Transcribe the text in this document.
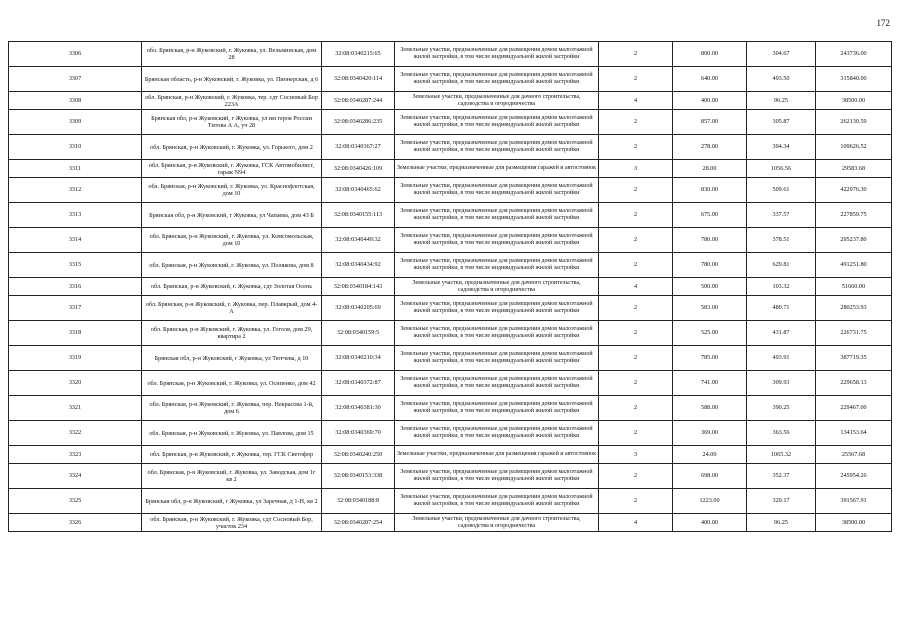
172
3306	обл. Брянская, р-н Жуковский, г. Жуковка, ул. Вельминская, дом 28	32:08:0340215:65	Земельные участки, предназначенные для размещения домов малоэтажной жилой застройки, в том числе индивидуальной жилой застройки	2	800.00	304.67	243736.00
3307	Брянская область, р-н Жуковский, г. Жуковка, ул. Пионерская, д 6	32:08:0340420:114	Земельные участки, предназначенные для размещения домов малоэтажной жилой застройки, в том числе индивидуальной жилой застройки	2	640.00	493.50	315840.00
3308	обл. Брянская, р-н Жуковский, г. Жуковка, тер. сдт Сосновый Бор 223А	32:08:0340287:244	Земельные участки, предназначенные для дачного строительства, садоводства и огородничества	4	400.00	96.25	38500.00
3309	Брянская обл, р-н Жуковский, г Жуковка, ул им героя России Титова А А, уч 28	32:08:0340286:235	Земельные участки, предназначенные для размещения домов малоэтажной жилой застройки, в том числе индивидуальной жилой застройки	2	857.00	305.87	262130.59
3310	обл. Брянская, р-н Жуковский, г. Жуковка, ул. Горького, дом 2	32:08:0340367:27	Земельные участки, предназначенные для размещения домов малоэтажной жилой застройки, в том числе индивидуальной жилой застройки	2	278.00	394.34	109626.52
3311	обл. Брянская, р-н Жуковский, г. Жуковка, ГСК Автомобилист, гараж N94	32:08:0340426:109	Земельные участки, предназначенные для размещения гаражей и автостоянок	3	28.00	1056.56	29583.68
3312	обл. Брянская, р-н Жуковский, г. Жуковка, ул. Краснофлотская, дом 10	32:08:0340465:62	Земельные участки, предназначенные для размещения домов малоэтажной жилой застройки, в том числе индивидуальной жилой застройки	2	830.00	509.61	422976.30
3313	Брянская обл, р-н Жуковский, г Жуковка, ул Чапаева, дом 43 Б	32:08:0340155:113	Земельные участки, предназначенные для размещения домов малоэтажной жилой застройки, в том числе индивидуальной жилой застройки	2	675.00	337.57	227859.75
3314	обл. Брянская, р-н Жуковский, г. Жуковка, ул. Комсомольская, дом 10	32:08:0340449:32	Земельные участки, предназначенные для размещения домов малоэтажной жилой застройки, в том числе индивидуальной жилой застройки	2	780.00	378.51	295237.80
3315	обл. Брянская, р-н Жуковский, г. Жуковка, ул. Полякова, дом 8	32:08:0340434:92	Земельные участки, предназначенные для размещения домов малоэтажной жилой застройки, в том числе индивидуальной жилой застройки	2	780.00	629.81	491251.80
3316	обл. Брянская, р-н Жуковский, г. Жуковка, сдт Золотая Осень	32:08:0340184:143	Земельные участки, предназначенные для дачного строительства, садоводства и огородничества	4	500.00	103.32	51660.00
3317	обл. Брянская, р-н Жуковский, г. Жуковка, пер. Плавкрый, дом 4-А	32:08:0340205:69	Земельные участки, предназначенные для размещения домов малоэтажной жилой застройки, в том числе индивидуальной жилой застройки	2	583.00	480.71	280253.93
3318	обл. Брянская, р-н Жуковский, г. Жуковка, ул. Гоголя, дом 29, квартира 2	32:08:0340159:5	Земельные участки, предназначенные для размещения домов малоэтажной жилой застройки, в том числе индивидуальной жилой застройки	2	525.00	431.87	226731.75
3319	Брянская обл, р-н Жуковский, г Жуковка, ул Тютчева, д 10	32:08:0340210:34	Земельные участки, предназначенные для размещения домов малоэтажной жилой застройки, в том числе индивидуальной жилой застройки	2	785.00	493.91	387719.35
3320	обл. Брянская, р-н Жуковский, г. Жуковка, ул. Осипенко, дом 42	32:08:0340372:87	Земельные участки, предназначенные для размещения домов малоэтажной жилой застройки, в том числе индивидуальной жилой застройки	2	741.00	309.93	229658.13
3321	обл. Брянская, р-н Жуковский, г. Жуковка, пер. Некрасова 1-й, дом 6	32:08:0340381:30	Земельные участки, предназначенные для размещения домов малоэтажной жилой застройки, в том числе индивидуальной жилой застройки	2	588.00	390.25	229467.00
3322	обл. Брянская, р-н Жуковский, г. Жуковка, ул. Павлова, дом 15	32:08:0340369:70	Земельные участки, предназначенные для размещения домов малоэтажной жилой застройки, в том числе индивидуальной жилой застройки	2	369.00	363.56	134153.64
3323	обл. Брянская, р-н Жуковский, г. Жуковка, тер. ГСК Светофор	32:08:0340240:250	Земельные участки, предназначенные для размещения гаражей и автостоянок	3	24.00	1065.32	25567.68
3324	обл. Брянская, р-н Жуковский, г. Жуковка, ул. Заводская, дом 1г кв 2	32:08:0340153:338	Земельные участки, предназначенные для размещения домов малоэтажной жилой застройки, в том числе индивидуальной жилой застройки	2	698.00	352.37	245954.26
3325	Брянская обл, р-н Жуковский, г Жуковка, ул Заречная, д 1-Н, кв 2	32:08:0340188:8	Земельные участки, предназначенные для размещения домов малоэтажной жилой застройки, в том числе индивидуальной жилой застройки	2	1223.00	320.17	391567.91
3326	обл. Брянская, р-н Жуковский, г. Жуковка, сдт Сосновый Бор, участок 234	32:08:0340287:254	Земельные участки, предназначенные для дачного строительства, садоводства и огородничества	4	400.00	96.25	38500.00
